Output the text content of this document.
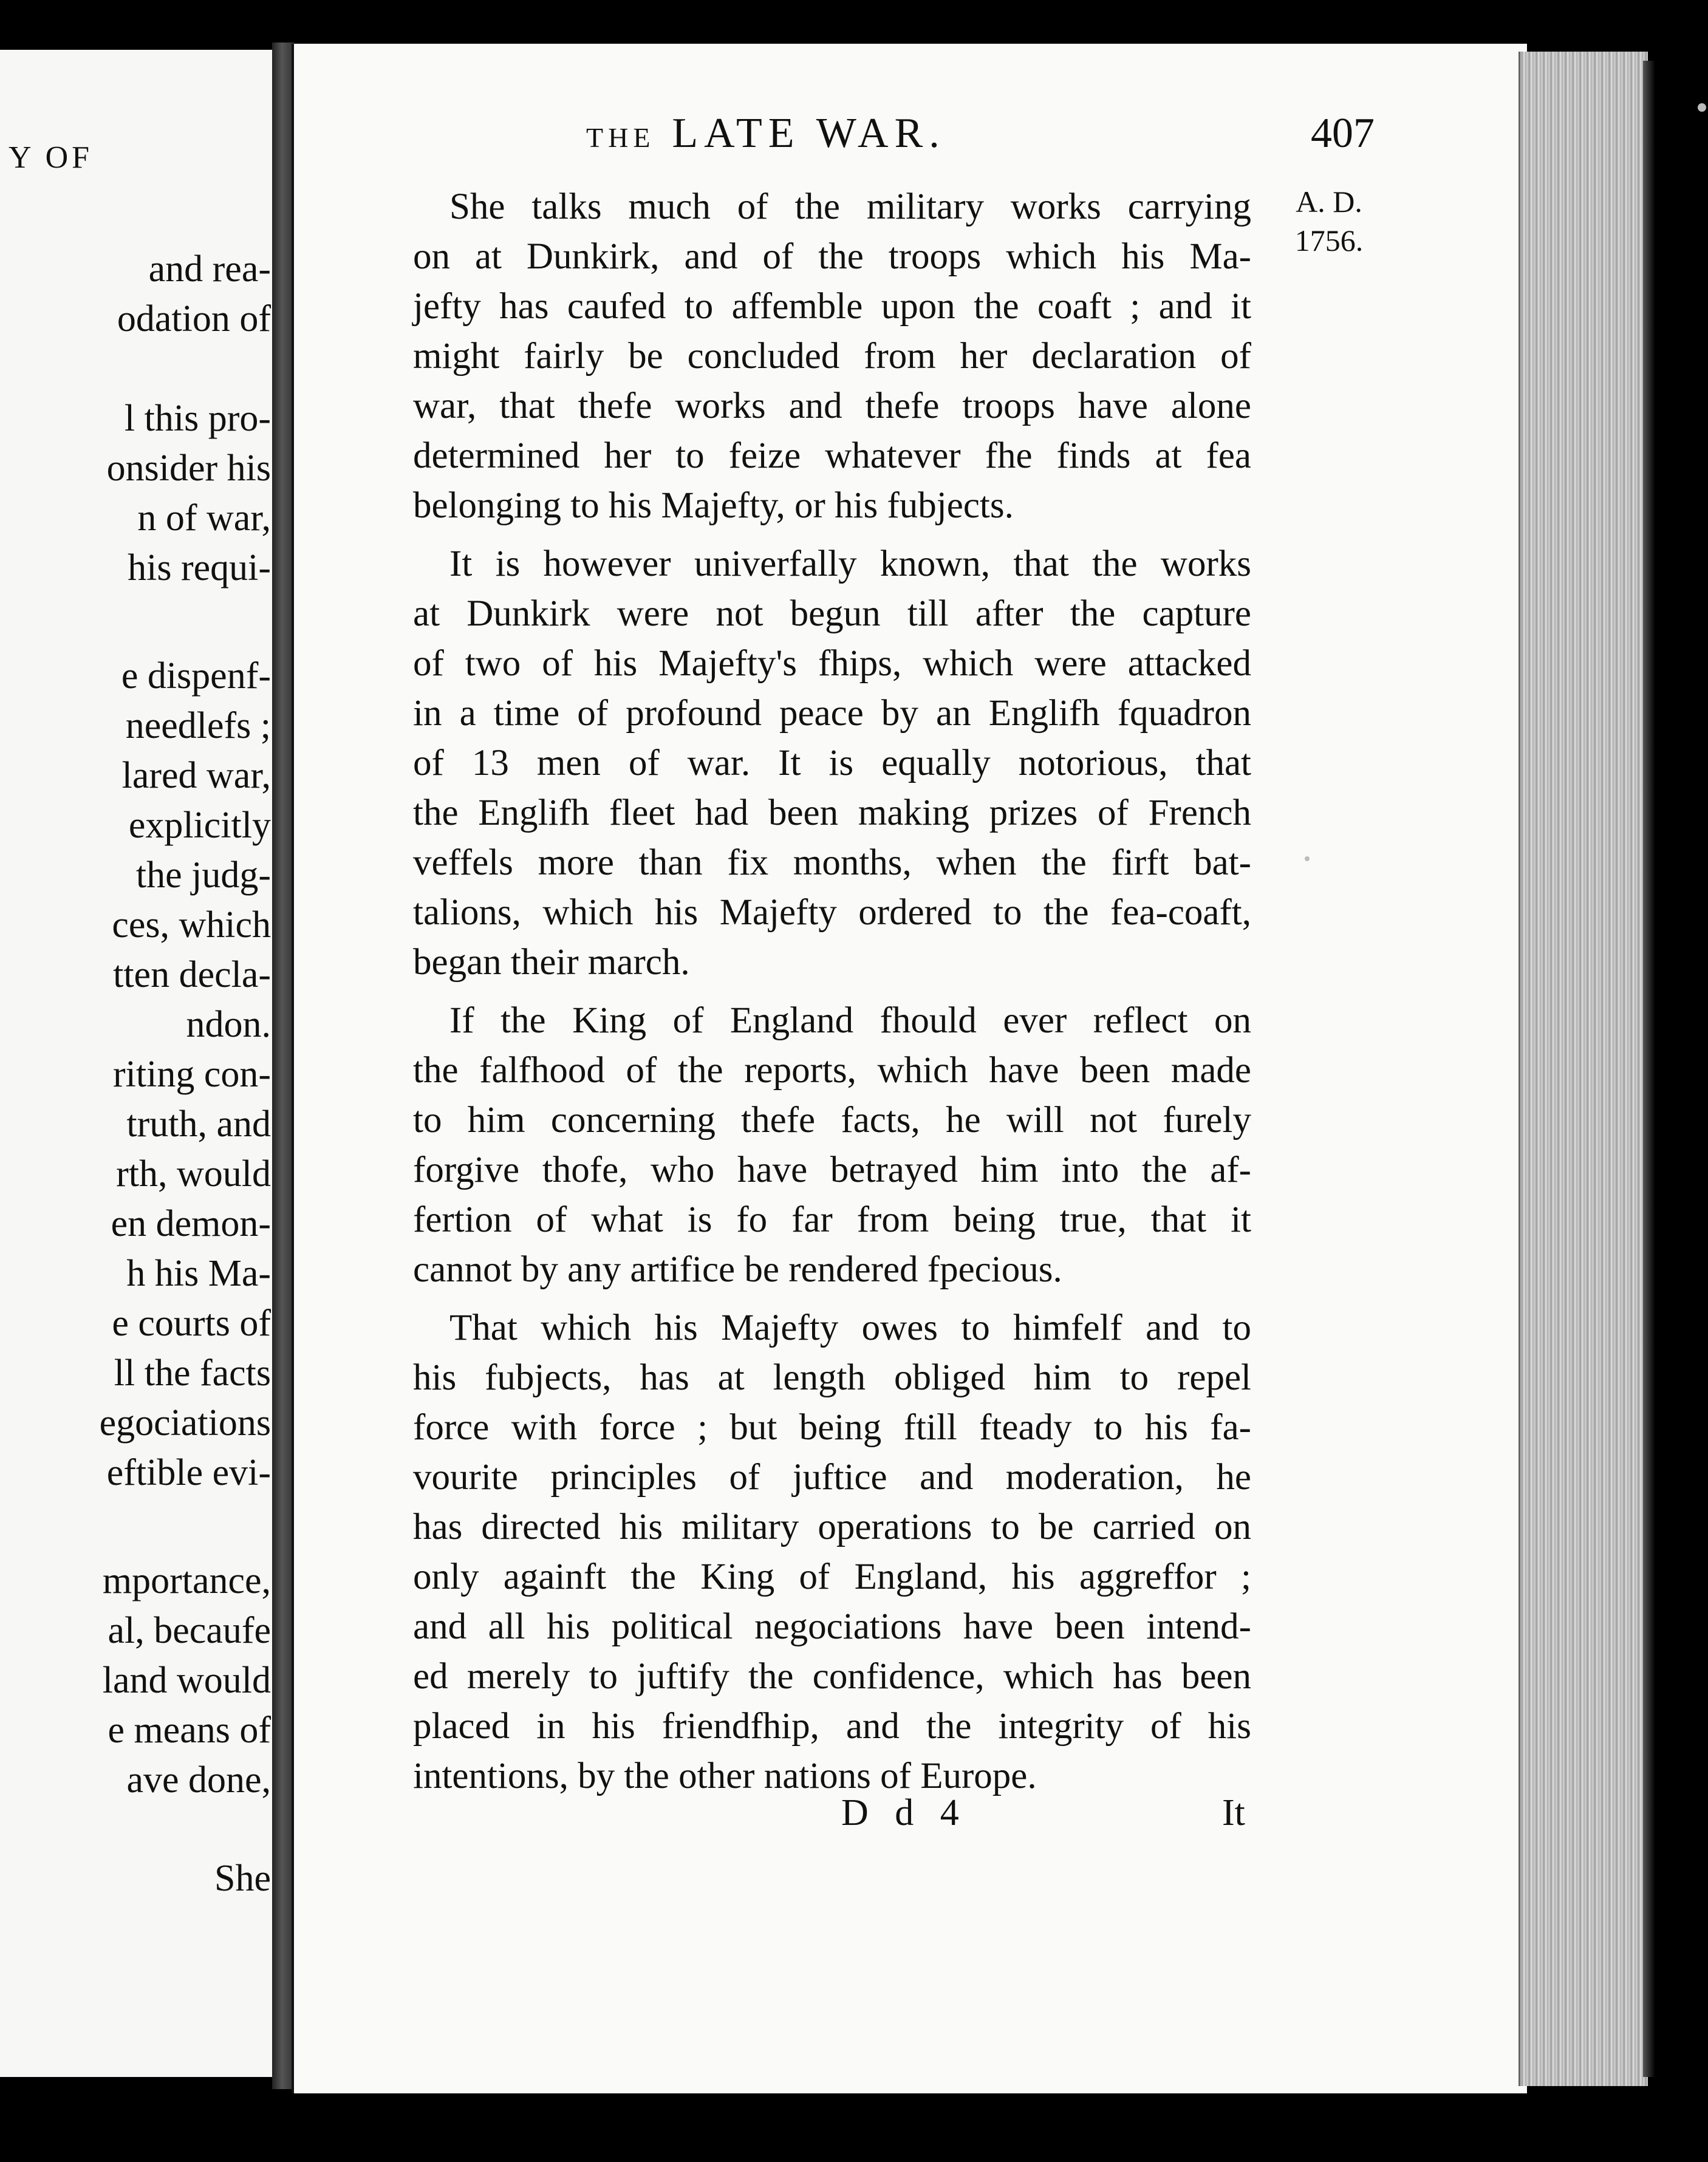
Y OF
and rea-
odation of
l this pro-
onsider his
n of war,
his requi-
e dispenf-
needlefs ;
lared war,
explicitly
the judg-
ces, which
tten decla-
ndon.
riting con-
truth, and
rth, would
en demon-
h his Ma-
e courts of
ll the facts
egociations
eftible evi-
mportance,
al, becaufe
land would
e means of
ave done,
She
THE LATE WAR.	407
A. D.
1756.
She talks much of the military works carrying
on at Dunkirk, and of the troops which his Ma-
jefty has caufed to affemble upon the coaft ; and it
might fairly be concluded from her declaration of
war, that thefe works and thefe troops have alone
determined her to feize whatever fhe finds at fea
belonging to his Majefty, or his fubjects.
It is however univerfally known, that the works
at Dunkirk were not begun till after the capture
of two of his Majefty's fhips, which were attacked
in a time of profound peace by an Englifh fquadron
of 13 men of war. It is equally notorious, that
the Englifh fleet had been making prizes of French
veffels more than fix months, when the firft bat-
talions, which his Majefty ordered to the fea-coaft,
began their march.
If the King of England fhould ever reflect on
the falfhood of the reports, which have been made
to him concerning thefe facts, he will not furely
forgive thofe, who have betrayed him into the af-
fertion of what is fo far from being true, that it
cannot by any artifice be rendered fpecious.
That which his Majefty owes to himfelf and to
his fubjects, has at length obliged him to repel
force with force ; but being ftill fteady to his fa-
vourite principles of juftice and moderation, he
has directed his military operations to be carried on
only againft the King of England, his aggreffor ;
and all his political negociations have been intend-
ed merely to juftify the confidence, which has been
placed in his friendfhip, and the integrity of his
intentions, by the other nations of Europe.
D d 4	It
